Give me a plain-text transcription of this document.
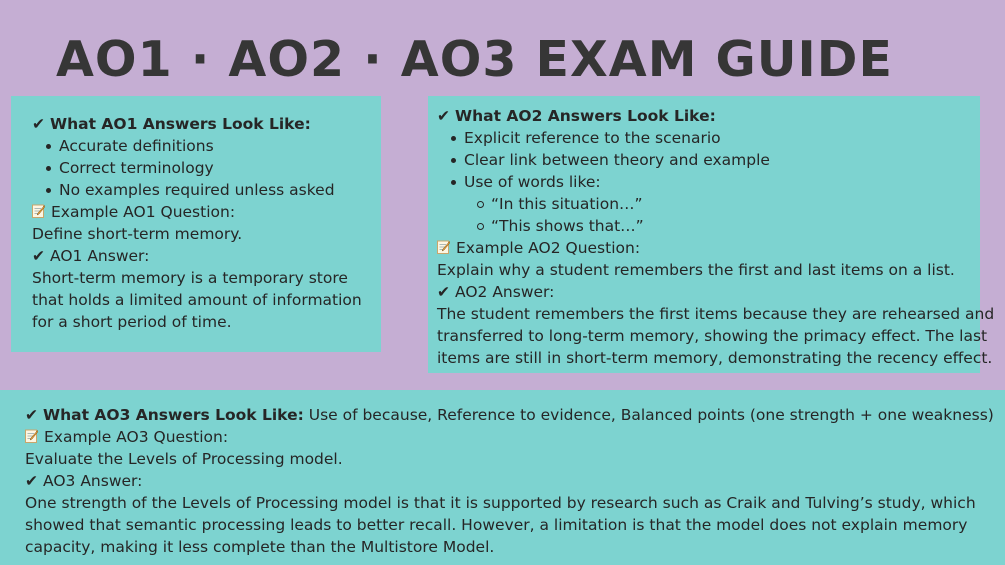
AO1 · AO2 · AO3 EXAM GUIDE

✔ What AO1 Answers Look Like:

Accurate definitions
Correct terminology
No examples required unless asked

Example AO1 Question:

Define short-term memory.

✔ AO1 Answer:

Short-term memory is a temporary store that holds a limited amount of information for a short period of time.

✔ What AO2 Answers Look Like:

Explicit reference to the scenario
Clear link between theory and example
Use of words like:
“In this situation…”
“This shows that…”

Example AO2 Question:

Explain why a student remembers the first and last items on a list.

✔ AO2 Answer:

The student remembers the first items because they are rehearsed and

transferred to long-term memory, showing the primacy effect. The last

items are still in short-term memory, demonstrating the recency effect.

✔ What AO3 Answers Look Like: Use of because, Reference to evidence, Balanced points (one strength + one weakness)

Example AO3 Question:

Evaluate the Levels of Processing model.

✔ AO3 Answer:

One strength of the Levels of Processing model is that it is supported by research such as Craik and Tulving’s study, which

showed that semantic processing leads to better recall. However, a limitation is that the model does not explain memory

capacity, making it less complete than the Multistore Model.
